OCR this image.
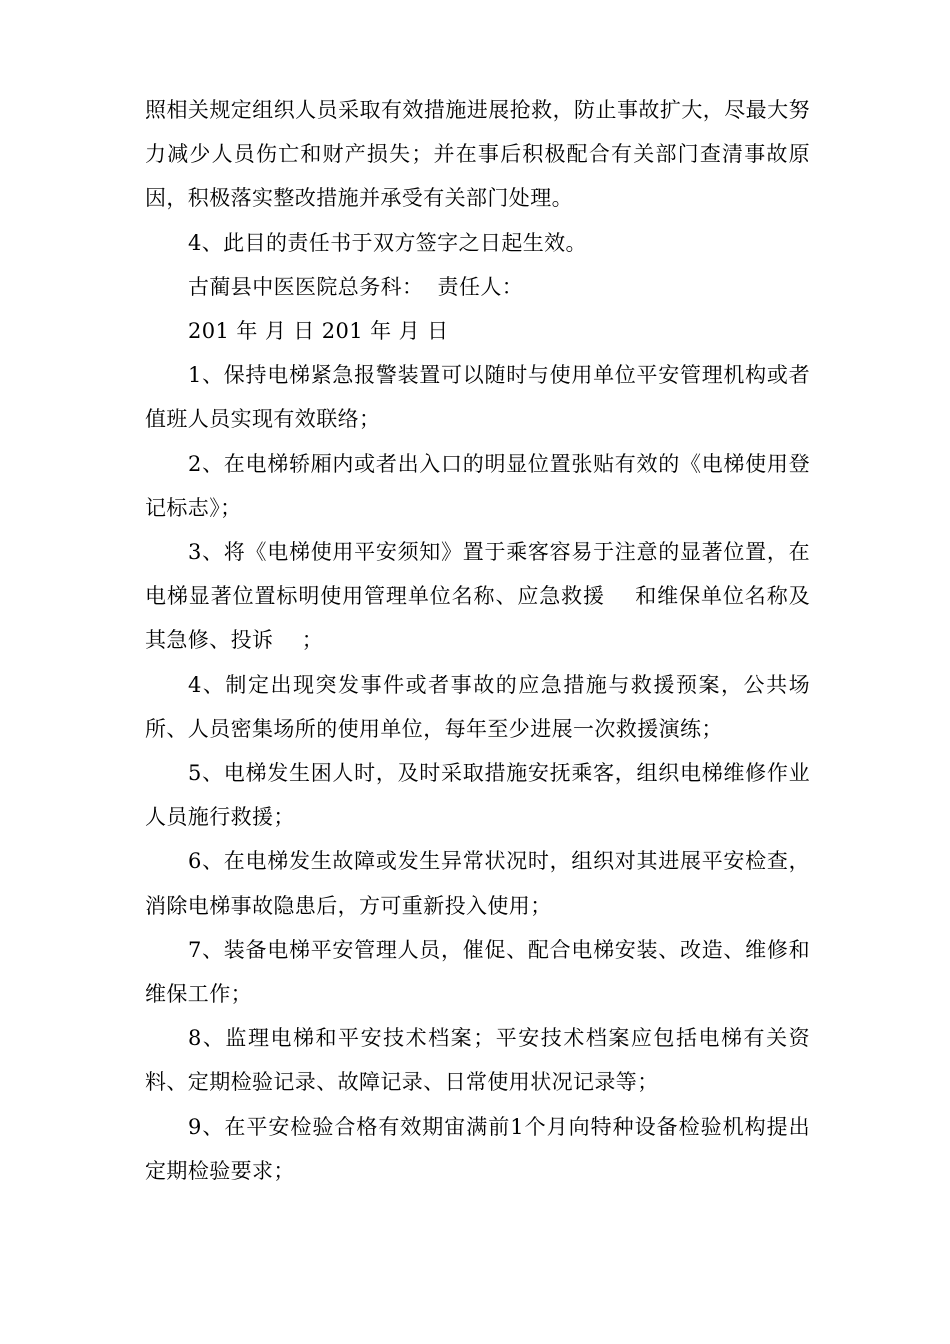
照相关规定组织人员采取有效措施进展抢救，防止事故扩大，尽最大努力减少人员伤亡和财产损失；并在事后积极配合有关部门查清事故原因，积极落实整改措施并承受有关部门处理。

4、此目的责任书于双方签字之日起生效。

古蔺县中医医院总务科：  责任人：

201 年 月 日 201 年 月 日

1、保持电梯紧急报警装置可以随时与使用单位平安管理机构或者值班人员实现有效联络；

2、在电梯轿厢内或者出入口的明显位置张贴有效的《电梯使用登记标志》；

3、将《电梯使用平安须知》置于乘客容易于注意的显著位置，在电梯显著位置标明使用管理单位名称、应急救援    和维保单位名称及其急修、投诉    ；

4、制定出现突发事件或者事故的应急措施与救援预案，公共场所、人员密集场所的使用单位，每年至少进展一次救援演练；

5、电梯发生困人时，及时采取措施安抚乘客，组织电梯维修作业人员施行救援；

6、在电梯发生故障或发生异常状况时，组织对其进展平安检查，消除电梯事故隐患后，方可重新投入使用；

7、装备电梯平安管理人员，催促、配合电梯安装、改造、维修和维保工作；

8、监理电梯和平安技术档案；平安技术档案应包括电梯有关资料、定期检验记录、故障记录、日常使用状况记录等；

9、在平安检验合格有效期宙满前1个月向特种设备检验机构提出定期检验要求；
